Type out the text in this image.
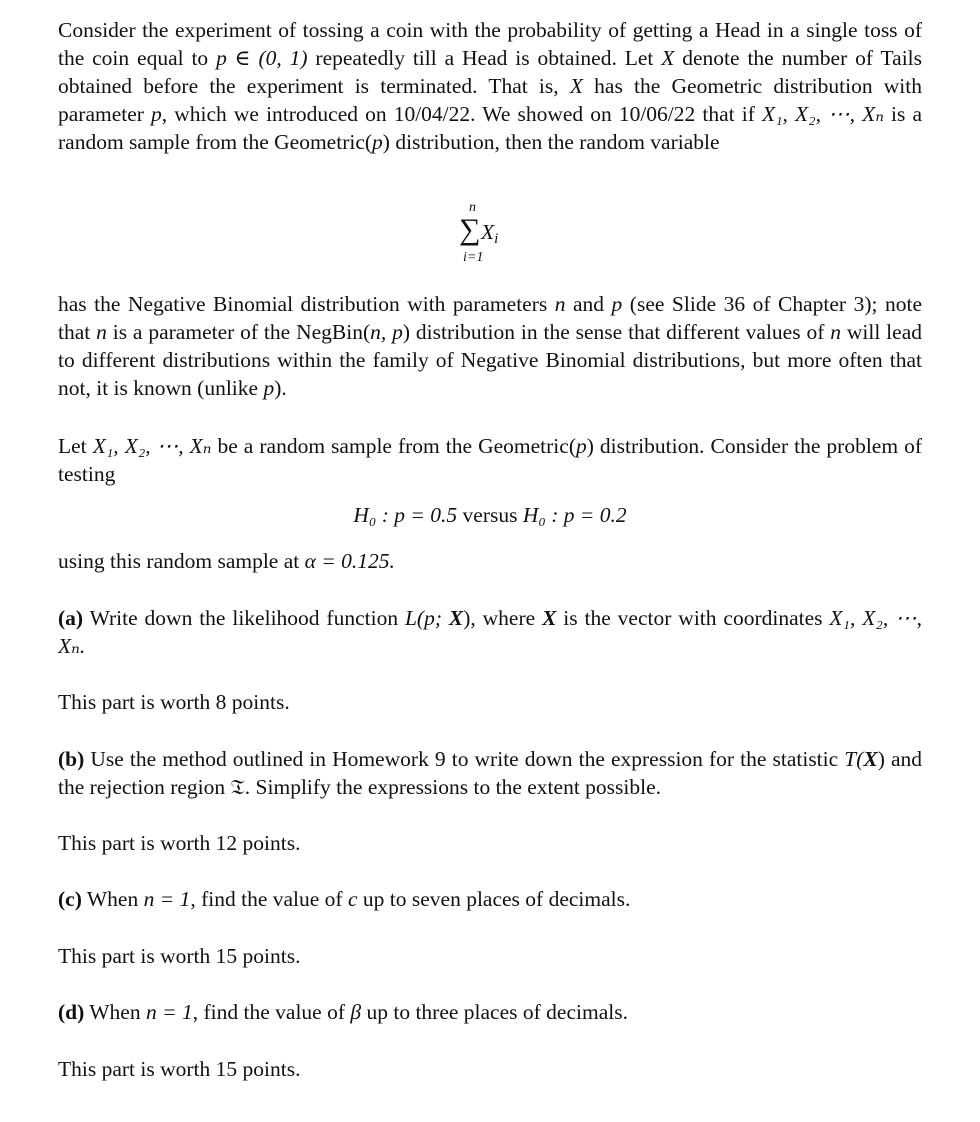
Consider the experiment of tossing a coin with the probability of getting a Head in a single toss of the coin equal to p ∈ (0, 1) repeatedly till a Head is obtained. Let X denote the number of Tails obtained before the experiment is terminated. That is, X has the Geometric distribution with parameter p, which we introduced on 10/04/22. We showed on 10/06/22 that if X₁, X₂, ⋯, Xₙ is a random sample from the Geometric(p) distribution, then the random variable

n
∑ $X_i$
i=1

has the Negative Binomial distribution with parameters n and p (see Slide 36 of Chapter 3); note that n is a parameter of the NegBin(n, p) distribution in the sense that different values of n will lead to different distributions within the family of Negative Binomial distributions, but more often that not, it is known (unlike p).

Let X₁, X₂, ⋯, Xₙ be a random sample from the Geometric(p) distribution. Consider the problem of testing

H₀ : p = 0.5 versus H₀ : p = 0.2

using this random sample at α = 0.125.

(a) Write down the likelihood function L(p; X), where X is the vector with coordinates X₁, X₂, ⋯, Xₙ.

This part is worth 8 points.

(b) Use the method outlined in Homework 9 to write down the expression for the statistic T(X) and the rejection region 𝔗. Simplify the expressions to the extent possible.

This part is worth 12 points.

(c) When n = 1, find the value of c up to seven places of decimals.

This part is worth 15 points.

(d) When n = 1, find the value of β up to three places of decimals.

This part is worth 15 points.
